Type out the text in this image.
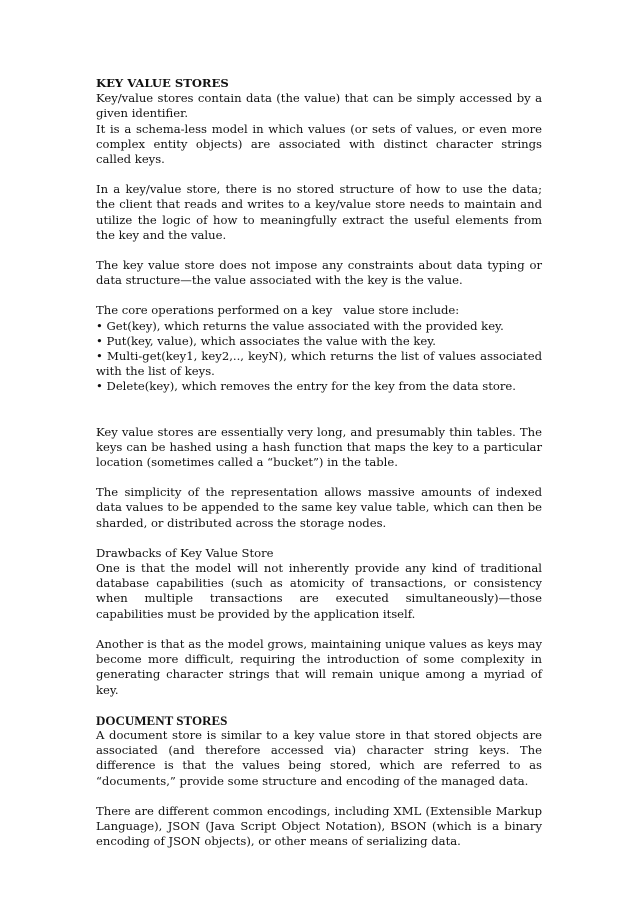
KEY VALUE STORES

Key/value stores contain data (the value) that can be simply accessed by a given identifier.

It is a schema-less model in which values (or sets of values, or even more complex entity objects) are associated with distinct character strings called keys.

In a key/value store, there is no stored structure of how to use the data; the client that reads and writes to a key/value store needs to maintain and utilize the logic of how to meaningfully extract the useful elements from the key and the value.

The key value store does not impose any constraints about data typing or data structure—the value associated with the key is the value.

The core operations performed on a key   value store include:

• Get(key), which returns the value associated with the provided key.

• Put(key, value), which associates the value with the key.

• Multi-get(key1, key2,.., keyN), which returns the list of values associated with the list of keys.

• Delete(key), which removes the entry for the key from the data store.

Key value stores are essentially very long, and presumably thin tables. The keys can be hashed using a hash function that maps the key to a particular location (sometimes called a “bucket”) in the table.

The simplicity of the representation allows massive amounts of indexed data values to be appended to the same key value table, which can then be sharded, or distributed across the storage nodes.

Drawbacks of Key Value Store

One is that the model will not inherently provide any kind of traditional database capabilities (such as atomicity of transactions, or consistency when multiple transactions are executed simultaneously)—those capabilities must be provided by the application itself.

Another is that as the model grows, maintaining unique values as keys may become more difficult, requiring the introduction of some complexity in generating character strings that will remain unique among a myriad of key.

DOCUMENT STORES

A document store is similar to a key value store in that stored objects are associated (and therefore accessed via) character string keys. The difference is that the values being stored, which are referred to as “documents,” provide some structure and encoding of the managed data.

There are different common encodings, including XML (Extensible Markup Language), JSON (Java Script Object Notation), BSON (which is a binary encoding of JSON objects), or other means of serializing data.
